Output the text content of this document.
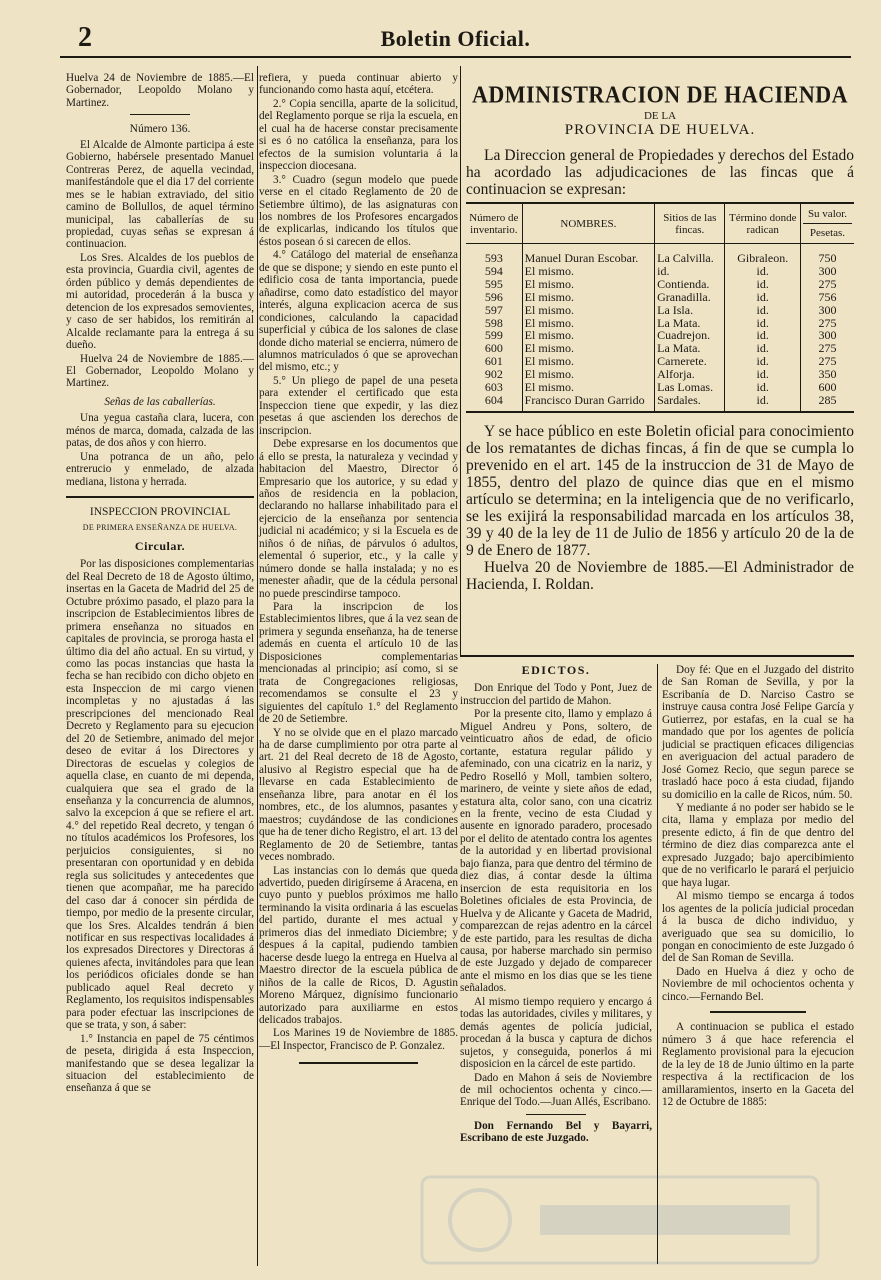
2	Boletin Oficial.

Huelva 24 de Noviembre de 1885.—El Gobernador, Leopoldo Molano y Martinez.

Número 136.

El Alcalde de Almonte participa á este Gobierno, habérsele presentado Manuel Contreras Perez, de aquella vecindad, manifestándole que el dia 17 del corriente mes se le habian extraviado, del sitio camino de Bollullos, de aquel término municipal, las caballerías de su propiedad, cuyas señas se expresan á continuacion.

Los Sres. Alcaldes de los pueblos de esta provincia, Guardia civil, agentes de órden público y demás dependientes de mi autoridad, procederán á la busca y detencion de los expresados semovientes, y caso de ser habidos, los remitirán al Alcalde reclamante para la entrega á su dueño.

Huelva 24 de Noviembre de 1885.—El Gobernador, Leopoldo Molano y Martinez.

Señas de las caballerías.

Una yegua castaña clara, lucera, con ménos de marca, domada, calzada de las patas, de dos años y con hierro.

Una potranca de un año, pelo entrerucio y enmelado, de alzada mediana, listona y herrada.

INSPECCION PROVINCIAL
DE PRIMERA ENSEÑANZA DE HUELVA.
Circular.

Por las disposiciones complementarias del Real Decreto de 18 de Agosto último, insertas en la Gaceta de Madrid del 25 de Octubre próximo pasado, el plazo para la inscripcion de Establecimientos libres de primera enseñanza no situados en capitales de provincia, se proroga hasta el último dia del año actual. En su virtud, y como las pocas instancias que hasta la fecha se han recibido con dicho objeto en esta Inspeccion de mi cargo vienen incompletas y no ajustadas á las prescripciones del mencionado Real Decreto y Reglamento para su ejecucion del 20 de Setiembre, animado del mejor deseo de evitar á los Directores y Directoras de escuelas y colegios de aquella clase, en cuanto de mi dependa, cualquiera que sea el grado de la enseñanza y la concurrencia de alumnos, salvo la excepcion á que se refiere el art. 4.° del repetido Real decreto, y tengan ó no títulos académicos los Profesores, los perjuicios consiguientes, si no presentaran con oportunidad y en debida regla sus solicitudes y antecedentes que tienen que acompañar, me ha parecido del caso dar á conocer sin pérdida de tiempo, por medio de la presente circular, que los Sres. Alcaldes tendrán á bien notificar en sus respectivas localidades á los expresados Directores y Directoras á quienes afecta, invitándoles para que lean los periódicos oficiales donde se han publicado aquel Real decreto y Reglamento, los requisitos indispensables para poder efectuar las inscripciones de que se trata, y son, á saber:

1.° Instancia en papel de 75 céntimos de peseta, dirigida á esta Inspeccion, manifestando que se desea legalizar la situacion del establecimiento de enseñanza á que se

refiera, y pueda continuar abierto y funcionando como hasta aquí, etcétera.

2.° Copia sencilla, aparte de la solicitud, del Reglamento porque se rija la escuela, en el cual ha de hacerse constar precisamente si es ó no católica la enseñanza, para los efectos de la sumision voluntaria á la inspeccion diocesana.

3.° Cuadro (segun modelo que puede verse en el citado Reglamento de 20 de Setiembre último), de las asignaturas con los nombres de los Profesores encargados de explicarlas, indicando los títulos que éstos posean ó si carecen de ellos.

4.° Catálogo del material de enseñanza de que se dispone; y siendo en este punto el edificio cosa de tanta importancia, puede añadirse, como dato estadístico del mayor interés, alguna explicacion acerca de sus condiciones, calculando la capacidad superficial y cúbica de los salones de clase donde dicho material se encierra, número de alumnos matriculados ó que se aprovechan del mismo, etc.; y

5.° Un pliego de papel de una peseta para extender el certificado que esta Inspeccion tiene que expedir, y las diez pesetas á que ascienden los derechos de inscripcion.

Debe expresarse en los documentos que á ello se presta, la naturaleza y vecindad y habitacion del Maestro, Director ó Empresario que los autorice, y su edad y años de residencia en la poblacion, declarando no hallarse inhabilitado para el ejercicio de la enseñanza por sentencia judicial ni académico; y si la Escuela es de niños ó de niñas, de párvulos ó adultos, elemental ó superior, etc., y la calle y número donde se halla instalada; y no es menester añadir, que de la cédula personal no puede prescindirse tampoco.

Para la inscripcion de los Establecimientos libres, que á la vez sean de primera y segunda enseñanza, ha de tenerse además en cuenta el artículo 10 de las Disposiciones complementarias mencionadas al principio; así como, si se trata de Congregaciones religiosas, recomendamos se consulte el 23 y siguientes del capítulo 1.° del Reglamento de 20 de Setiembre.

Y no se olvide que en el plazo marcado ha de darse cumplimiento por otra parte al art. 21 del Real decreto de 18 de Agosto, alusivo al Registro especial que ha de llevarse en cada Establecimiento de enseñanza libre, para anotar en él los nombres, etc., de los alumnos, pasantes y maestros; cuydándose de las condiciones que ha de tener dicho Registro, el art. 13 del Reglamento de 20 de Setiembre, tantas veces nombrado.

Las instancias con lo demás que queda advertido, pueden dirigírseme á Aracena, en cuyo punto y pueblos próximos me hallo terminando la visita ordinaria á las escuelas del partido, durante el mes actual y primeros dias del inmediato Diciembre; y despues á la capital, pudiendo tambien hacerse desde luego la entrega en Huelva al Maestro director de la escuela pública de niños de la calle de Ricos, D. Agustin Moreno Márquez, dignísimo funcionario autorizado para auxiliarme en estos delicados trabajos.

Los Marines 19 de Noviembre de 1885.—El Inspector, Francisco de P. Gonzalez.

ADMINISTRACION DE HACIENDA
DE LA
PROVINCIA DE HUELVA.

La Direccion general de Propiedades y derechos del Estado ha acordado las adjudicaciones de las fincas que á continuacion se expresan:

Número de inventario.	NOMBRES.	Sitios de las fincas.	Término donde radican	Su valor.
Pesetas.

593	Manuel Duran Escobar.	La Calvilla.	Gibraleon.	750
594	El mismo.	id.	id.	300
595	El mismo.	Contienda.	id.	275
596	El mismo.	Granadilla.	id.	756
597	El mismo.	La Isla.	id.	300
598	El mismo.	La Mata.	id.	275
599	El mismo.	Cuadrejon.	id.	300
600	El mismo.	La Mata.	id.	275
601	El mismo.	Carnerete.	id.	275
902	El mismo.	Alforja.	id.	350
603	El mismo.	Las Lomas.	id.	600
604	Francisco Duran Garrido	Sardales.	id.	285

Y se hace público en este Boletin oficial para conocimiento de los rematantes de dichas fincas, á fin de que se cumpla lo prevenido en el art. 145 de la instruccion de 31 de Mayo de 1855, dentro del plazo de quince dias que en el mismo artículo se determina; en la inteligencia que de no verificarlo, se les exijirá la responsabilidad marcada en los artículos 38, 39 y 40 de la ley de 11 de Julio de 1856 y artículo 20 de la de 9 de Enero de 1877.

Huelva 20 de Noviembre de 1885.—El Administrador de Hacienda, I. Roldan.

EDICTOS.

Don Enrique del Todo y Pont, Juez de instruccion del partido de Mahon.

Por la presente cito, llamo y emplazo á Miguel Andreu y Pons, soltero, de veinticuatro años de edad, de oficio cortante, estatura regular pálido y afeminado, con una cicatriz en la nariz, y Pedro Roselló y Moll, tambien soltero, marinero, de veinte y siete años de edad, estatura alta, color sano, con una cicatriz en la frente, vecino de esta Ciudad y ausente en ignorado paradero, procesado por el delito de atentado contra los agentes de la autoridad y en libertad provisional bajo fianza, para que dentro del término de diez dias, á contar desde la última insercion de esta requisitoria en los Boletines oficiales de esta Provincia, de Huelva y de Alicante y Gaceta de Madrid, comparezcan de rejas adentro en la cárcel de este partido, para les resultas de dicha causa, por haberse marchado sin permiso de este Juzgado y dejado de comparecer ante el mismo en los dias que se les tiene señalados.

Al mismo tiempo requiero y encargo á todas las autoridades, civiles y militares, y demás agentes de policía judicial, procedan á la busca y captura de dichos sujetos, y conseguida, ponerlos á mi disposicion en la cárcel de este partido.

Dado en Mahon á seis de Noviembre de mil ochocientos ochenta y cinco.—Enrique del Todo.—Juan Allés, Escribano.

Don Fernando Bel y Bayarri, Escribano de este Juzgado.

Doy fé: Que en el Juzgado del distrito de San Roman de Sevilla, y por la Escribanía de D. Narciso Castro se instruye causa contra José Felipe García y Gutierrez, por estafas, en la cual se ha mandado que por los agentes de policía judicial se practiquen eficaces diligencias en averiguacion del actual paradero de José Gomez Recio, que segun parece se trasladó hace poco á esta ciudad, fijando su domicilio en la calle de Ricos, núm. 50.

Y mediante á no poder ser habido se le cita, llama y emplaza por medio del presente edicto, á fin de que dentro del término de diez dias comparezca ante el expresado Juzgado; bajo apercibimiento que de no verificarlo le parará el perjuicio que haya lugar.

Al mismo tiempo se encarga á todos los agentes de la policía judicial procedan á la busca de dicho individuo, y averiguado que sea su domicilio, lo pongan en conocimiento de este Juzgado ó del de San Roman de Sevilla.

Dado en Huelva á diez y ocho de Noviembre de mil ochocientos ochenta y cinco.—Fernando Bel.

A continuacion se publica el estado número 3 á que hace referencia el Reglamento provisional para la ejecucion de la ley de 18 de Junio último en la parte respectiva á la rectificacion de los amillaramientos, inserto en la Gaceta del 12 de Octubre de 1885:
